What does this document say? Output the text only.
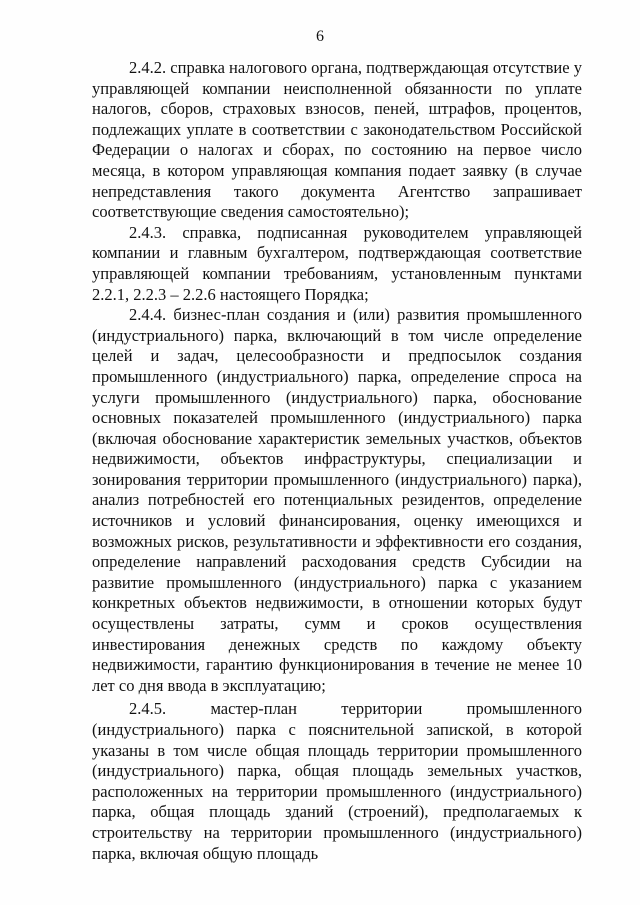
6

2.4.2. справка налогового органа, подтверждающая отсутствие у управляющей компании неисполненной обязанности по уплате налогов, сборов, страховых взносов, пеней, штрафов, процентов, подлежащих уплате в соответствии с законодательством Российской Федерации о налогах и сборах, по состоянию на первое число месяца, в котором управляющая компания подает заявку (в случае непредставления такого документа Агентство запрашивает соответствующие сведения самостоятельно);

2.4.3. справка, подписанная руководителем управляющей компании и главным бухгалтером, подтверждающая соответствие управляющей компании требованиям, установленным пунктами 2.2.1, 2.2.3 – 2.2.6 настоящего Порядка;

2.4.4. бизнес-план создания и (или) развития промышленного (индустриального) парка, включающий в том числе определение целей и задач, целесообразности и предпосылок создания промышленного (индустриального) парка, определение спроса на услуги промышленного (индустриального) парка, обоснование основных показателей промышленного (индустриального) парка (включая обоснование характеристик земельных участков, объектов недвижимости, объектов инфраструктуры, специализации и зонирования территории промышленного (индустриального) парка), анализ потребностей его потенциальных резидентов, определение источников и условий финансирования, оценку имеющихся и возможных рисков, результативности и эффективности его создания, определение направлений расходования средств Субсидии на развитие промышленного (индустриального) парка с указанием конкретных объектов недвижимости, в отношении которых будут осуществлены затраты, сумм и сроков осуществления инвестирования денежных средств по каждому объекту недвижимости, гарантию функционирования в течение не менее 10 лет со дня ввода в эксплуатацию;

2.4.5. мастер-план территории промышленного (индустриального) парка с пояснительной запиской, в которой указаны в том числе общая площадь территории промышленного (индустриального) парка, общая площадь земельных участков, расположенных на территории промышленного (индустриального) парка, общая площадь зданий (строений), предполагаемых к строительству на территории промышленного (индустриального) парка, включая общую площадь
